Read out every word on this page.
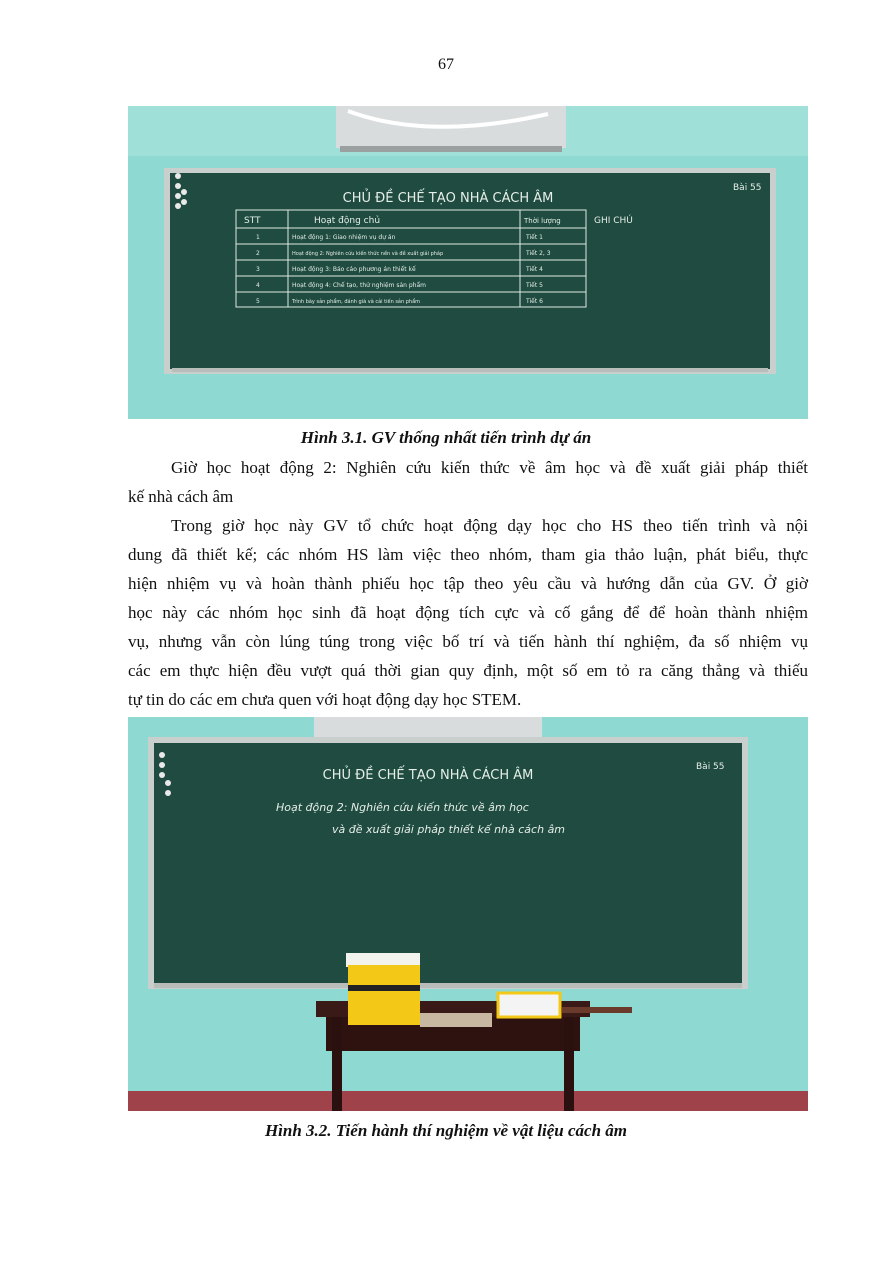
67
CHỦ ĐỀ CHẾ TẠO NHÀ CÁCH ÂM
Bài 55
STT	Hoạt động chủ	Thời lượng	GHI CHÚ
1	Hoạt động 1: Giao nhiệm vụ dự án	Tiết 1
2	Hoạt động 2: Nghiên cứu kiến thức nền và đề xuất giải pháp	Tiết 2, 3
3	Hoạt động 3: Báo cáo phương án thiết kế	Tiết 4
4	Hoạt động 4: Chế tạo, thử nghiệm sản phẩm	Tiết 5
5	Trình bày sản phẩm, đánh giá và cải tiến sản phẩm	Tiết 6
Hình 3.1. GV thống nhất tiến trình dự án
Giờ học hoạt động 2: Nghiên cứu kiến thức về âm học và đề xuất giải pháp thiết
kế nhà cách âm
Trong giờ học này GV tổ chức hoạt động dạy học cho HS theo tiến trình và nội
dung đã thiết kế; các nhóm HS làm việc theo nhóm, tham gia thảo luận, phát biểu, thực
hiện nhiệm vụ và hoàn thành phiếu học tập theo yêu cầu và hướng dẫn của GV. Ở giờ
học này các nhóm học sinh đã hoạt động tích cực và cố gắng để để hoàn thành nhiệm
vụ, nhưng vẫn còn lúng túng trong việc bố trí và tiến hành thí nghiệm, đa số nhiệm vụ
các em thực hiện đều vượt quá thời gian quy định, một số em tỏ ra căng thẳng và thiếu
tự tin do các em chưa quen với hoạt động dạy học STEM.
CHỦ ĐỀ CHẾ TẠO NHÀ CÁCH ÂM
Bài 55
Hoạt động 2: Nghiên cứu kiến thức về âm học
và đề xuất giải pháp thiết kế nhà cách âm
Hình 3.2. Tiến hành thí nghiệm về vật liệu cách âm
